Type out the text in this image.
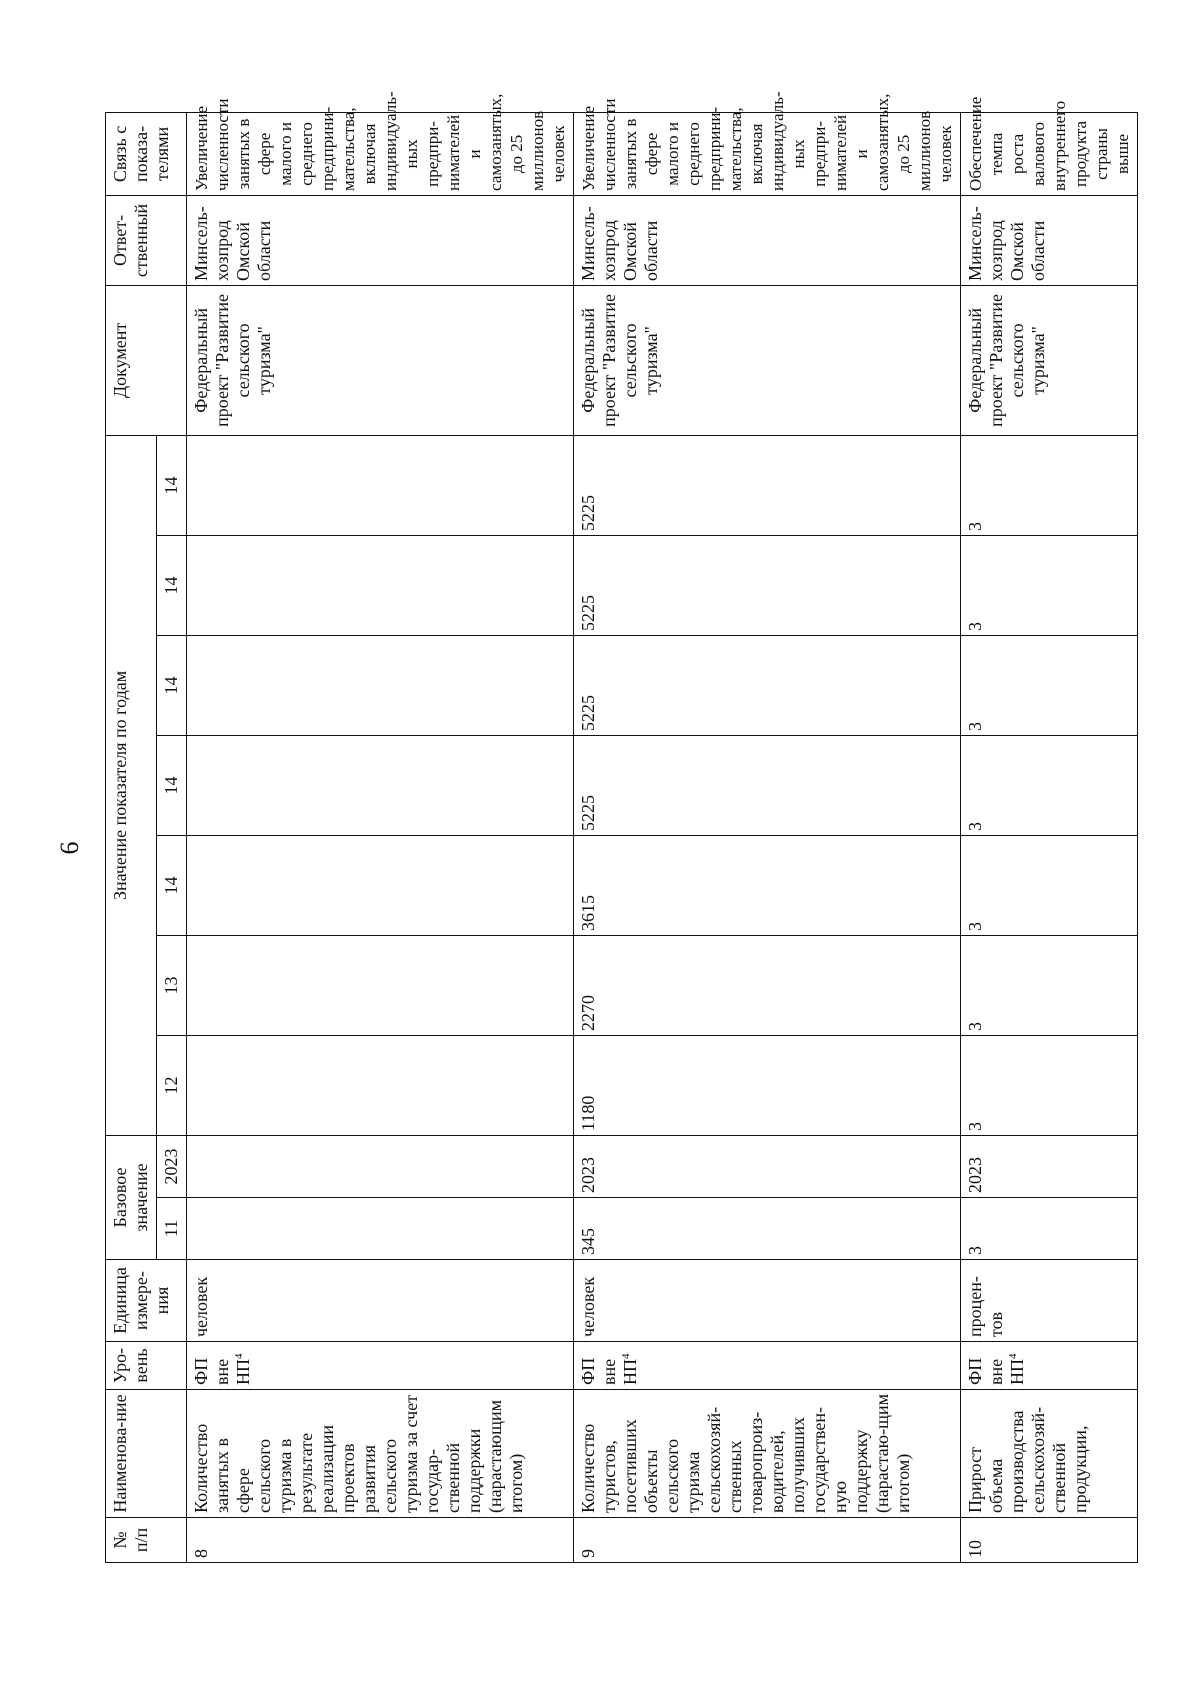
6
№ п/п	Наименова-ние	Уро-вень	Единица измере-ния	Базовое значение		Значение показателя по годам							Документ	Ответ-ственный	Связь с показа-телями
				11	2023	12	13	14	14	14	14	14			
8	Количество занятых в сфере сельского туризма в результате реализации проектов развития сельского туризма за счет государ-ственной поддержки (нарастающим итогом)	ФП вне $НП^4$	человек										Федеральный проект "Развитие сельского туризма"	Минсель-хозпрод Омской области	Увеличение численности занятых в сфере малого и среднего предприни-мательства, включая индивидуаль-ных предпри-нимателей и самозанятых, до 25 миллионов человек
9	Количество туристов, посетивших объекты сельского туризма сельскохозяй-ственных товаропроиз-водителей, получивших государствен-ную поддержку (нарастаю-щим итогом)	ФП вне $НП^4$	человек	345	2023	1180	2270	3615	5225	5225	5225	5225	Федеральный проект "Развитие сельского туризма"	Минсель-хозпрод Омской области	Увеличение численности занятых в сфере малого и среднего предприни-мательства, включая индивидуаль-ных предпри-нимателей и самозанятых, до 25 миллионов человек
10	Прирост объема производства сельскохозяй-ственной продукции,	ФП вне $НП^4$	процен-тов	3	2023	3	3	3	3	3	3	3	Федеральный проект "Развитие сельского туризма"	Минсель-хозпрод Омской области	Обеспечение темпа роста валового внутреннего продукта страны выше
